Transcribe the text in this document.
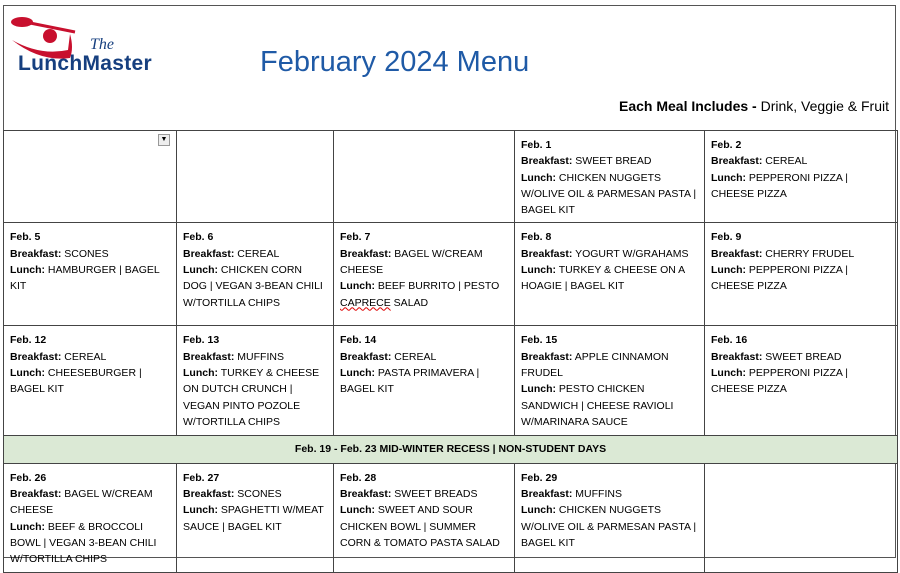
The
LunchMaster	February 2024 Menu
Each Meal Includes - Drink, Veggie & Fruit
▼			Feb. 1
Breakfast: SWEET BREAD
Lunch: CHICKEN NUGGETS W/OLIVE OIL & PARMESAN PASTA | BAGEL KIT	Feb. 2
Breakfast: CEREAL
Lunch: PEPPERONI PIZZA | CHEESE PIZZA
Feb. 5
Breakfast: SCONES
Lunch: HAMBURGER | BAGEL KIT	Feb. 6
Breakfast: CEREAL
Lunch: CHICKEN CORN DOG | VEGAN 3-BEAN CHILI W/TORTILLA CHIPS	Feb. 7
Breakfast: BAGEL W/CREAM CHEESE
Lunch: BEEF BURRITO | PESTO CAPRECE SALAD	Feb. 8
Breakfast: YOGURT W/GRAHAMS
Lunch: TURKEY & CHEESE ON A HOAGIE | BAGEL KIT	Feb. 9
Breakfast: CHERRY FRUDEL
Lunch: PEPPERONI PIZZA | CHEESE PIZZA
Feb. 12
Breakfast: CEREAL
Lunch: CHEESEBURGER | BAGEL KIT	Feb. 13
Breakfast: MUFFINS
Lunch: TURKEY & CHEESE ON DUTCH CRUNCH | VEGAN PINTO POZOLE W/TORTILLA CHIPS	Feb. 14
Breakfast: CEREAL
Lunch: PASTA PRIMAVERA | BAGEL KIT	Feb. 15
Breakfast: APPLE CINNAMON FRUDEL
Lunch: PESTO CHICKEN SANDWICH | CHEESE RAVIOLI W/MARINARA SAUCE	Feb. 16
Breakfast: SWEET BREAD
Lunch: PEPPERONI PIZZA | CHEESE PIZZA
Feb. 19 - Feb. 23 MID-WINTER RECESS | NON-STUDENT DAYS				
Feb. 26
Breakfast: BAGEL W/CREAM CHEESE
Lunch: BEEF & BROCCOLI BOWL | VEGAN 3-BEAN CHILI W/TORTILLA CHIPS	Feb. 27
Breakfast: SCONES
Lunch: SPAGHETTI W/MEAT SAUCE | BAGEL KIT	Feb. 28
Breakfast: SWEET BREADS
Lunch: SWEET AND SOUR CHICKEN BOWL | SUMMER CORN & TOMATO PASTA SALAD	Feb. 29
Breakfast: MUFFINS
Lunch: CHICKEN NUGGETS W/OLIVE OIL & PARMESAN PASTA | BAGEL KIT	
